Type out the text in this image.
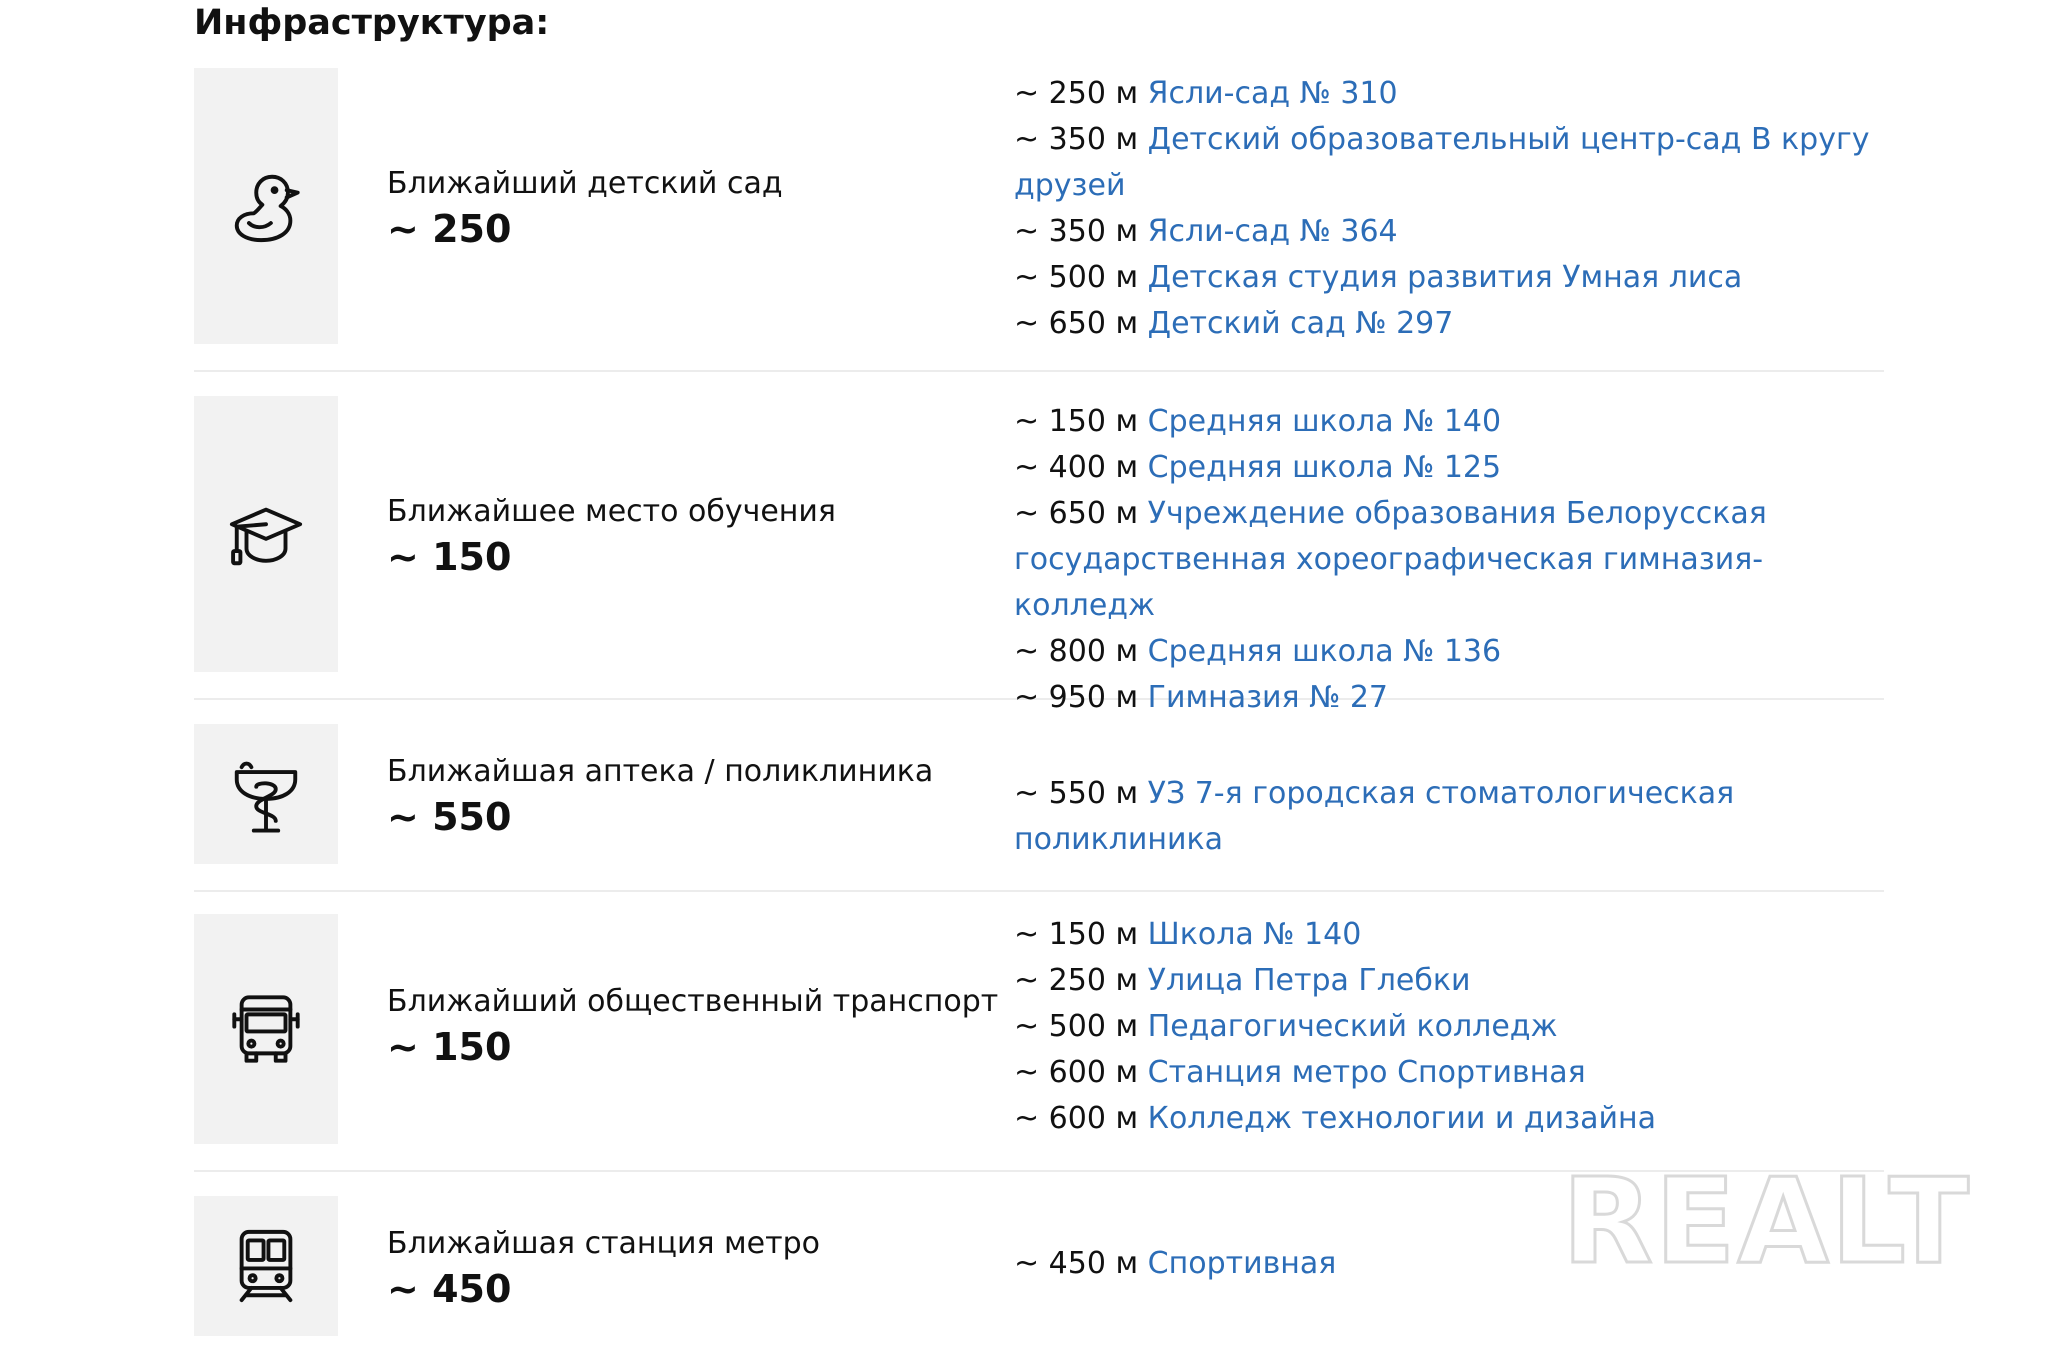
Инфраструктура:
Ближайший детский сад
~ 250
~ 250 м Ясли-сад № 310
~ 350 м Детский образовательный центр-сад В кругу друзей
~ 350 м Ясли-сад № 364
~ 500 м Детская студия развития Умная лиса
~ 650 м Детский сад № 297
Ближайшее место обучения
~ 150
~ 150 м Средняя школа № 140
~ 400 м Средняя школа № 125
~ 650 м Учреждение образования Белорусская государственная хореографическая гимназия-колледж
~ 800 м Средняя школа № 136
~ 950 м Гимназия № 27
Ближайшая аптека / поликлиника
~ 550
~ 550 м УЗ 7-я городская стоматологическая поликлиника
Ближайший общественный транспорт
~ 150
~ 150 м Школа № 140
~ 250 м Улица Петра Глебки
~ 500 м Педагогический колледж
~ 600 м Станция метро Спортивная
~ 600 м Колледж технологии и дизайна
Ближайшая станция метро
~ 450
~ 450 м Спортивная	REALT
